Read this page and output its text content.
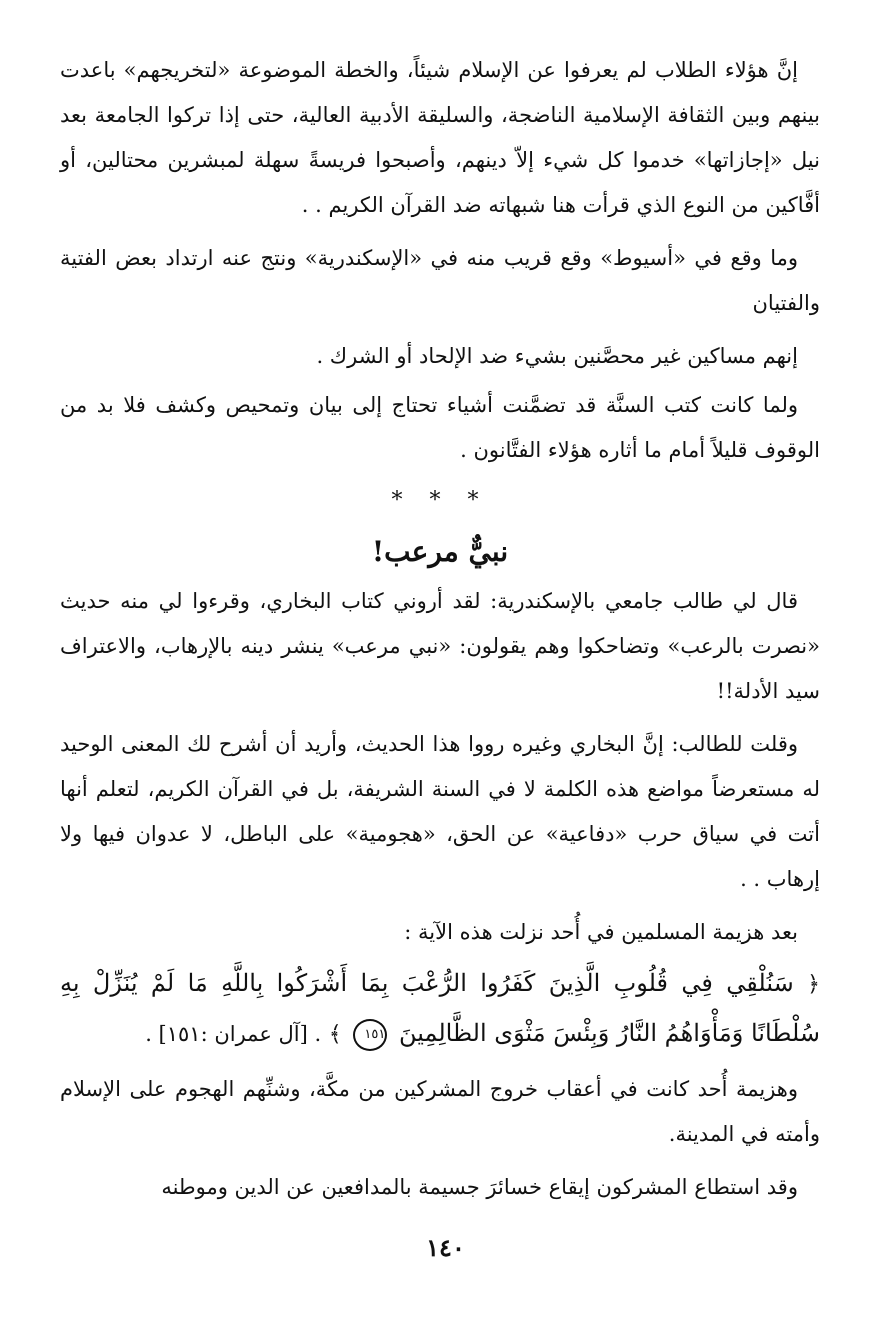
إنَّ هؤلاء الطلاب لم يعرفوا عن الإسلام شيئاً، والخطة الموضوعة «لتخريجهم» باعدت بينهم وبين الثقافة الإسلامية الناضجة، والسليقة الأدبية العالية، حتى إذا تركوا الجامعة بعد نيل «إجازاتها» خدموا كل شيء إلاّ دينهم، وأصبحوا فريسةً سهلة لمبشرين محتالين، أو أفَّاكين من النوع الذي قرأت هنا شبهاته ضد القرآن الكريم . .

وما وقع في «أسيوط» وقع قريب منه في «الإسكندرية» ونتج عنه ارتداد بعض الفتية والفتيان

إنهم مساكين غير محصَّنين بشيء ضد الإلحاد أو الشرك .

ولما كانت كتب السنَّة قد تضمَّنت أشياء تحتاج إلى بيان وتمحيص وكشف فلا بد من الوقوف قليلاً أمام ما أثاره هؤلاء الفتَّانون .

* * *
نبيٌّ مرعب!

قال لي طالب جامعي بالإسكندرية: لقد أروني كتاب البخاري، وقرءوا لي منه حديث «نصرت بالرعب» وتضاحكوا وهم يقولون: «نبي مرعب» ينشر دينه بالإرهاب، والاعتراف سيد الأدلة!!

وقلت للطالب: إنَّ البخاري وغيره رووا هذا الحديث، وأريد أن أشرح لك المعنى الوحيد له مستعرضاً مواضع هذه الكلمة لا في السنة الشريفة، بل في القرآن الكريم، لتعلم أنها أتت في سياق حرب «دفاعية» عن الحق، «هجومية» على الباطل، لا عدوان فيها ولا إرهاب . .

بعد هزيمة المسلمين في أُحد نزلت هذه الآية :

﴿ سَنُلْقِي فِي قُلُوبِ الَّذِينَ كَفَرُوا الرُّعْبَ بِمَا أَشْرَكُوا بِاللَّهِ مَا لَمْ يُنَزِّلْ بِهِ سُلْطَانًا وَمَأْوَاهُمُ النَّارُ وَبِئْسَ مَثْوَى الظَّالِمِينَ ١٥١ ﴾ . [آل عمران :١٥١] .

وهزيمة أُحد كانت في أعقاب خروج المشركين من مكَّة، وشنِّهم الهجوم على الإسلام وأمته في المدينة.

وقد استطاع المشركون إيقاع خسائرَ جسيمة بالمدافعين عن الدين وموطنه

١٤٠
